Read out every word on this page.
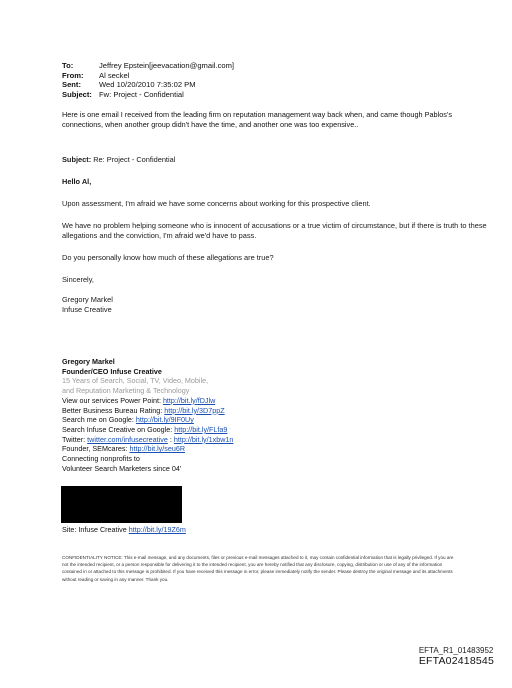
To:	Jeffrey Epstein[jeevacation@gmail.com]
From:	Al seckel
Sent:	Wed 10/20/2010 7:35:02 PM
Subject: Fw: Project - Confidential
Here is one email I received from the leading firm on reputation management way back when, and came though Pablos's connections, when another group didn't have the time, and another one was too expensive..

Subject: Re: Project - Confidential

Hello Al,

Upon assessment, I'm afraid we have some concerns about working for this prospective client.

We have no problem helping someone who is innocent of accusations or a true victim of circumstance, but if there is truth to these allegations and the conviction, I'm afraid we'd have to pass.

Do you personally know how much of these allegations are true?

Sincerely,

Gregory Markel

Infuse Creative

Gregory Markel
Founder/CEO Infuse Creative
15 Years of Search, Social, TV, Video, Mobile,
and Reputation Marketing & Technology
View our services Power Point: http://bit.ly/fDJlw
Better Business Bureau Rating: http://bit.ly/3D7ppZ
Search me on Google: http://bit.ly/9IF0Uy
Search Infuse Creative on Google: http://bit.ly/FLfa9
Twitter: twitter.com/infusecreative : http://bit.ly/1xbw1n
Founder, SEMcares: http://bit.ly/seu6R
Connecting nonprofits to
Volunteer Search Marketers since 04'
Site: Infuse Creative http://bit.ly/19Z6m
CONFIDENTIALITY NOTICE: This e-mail message, and any documents, files or previous e-mail messages attached to it, may contain confidential information that is legally privileged. If you are not the intended recipient, or a person responsible for delivering it to the intended recipient, you are hereby notified that any disclosure, copying, distribution or use of any of the information contained in or attached to this message is prohibited. If you have received this message in error, please immediately notify the sender. Please destroy the original message and its attachments without reading or saving in any manner. Thank you.
EFTA_R1_01483952
EFTA02418545
